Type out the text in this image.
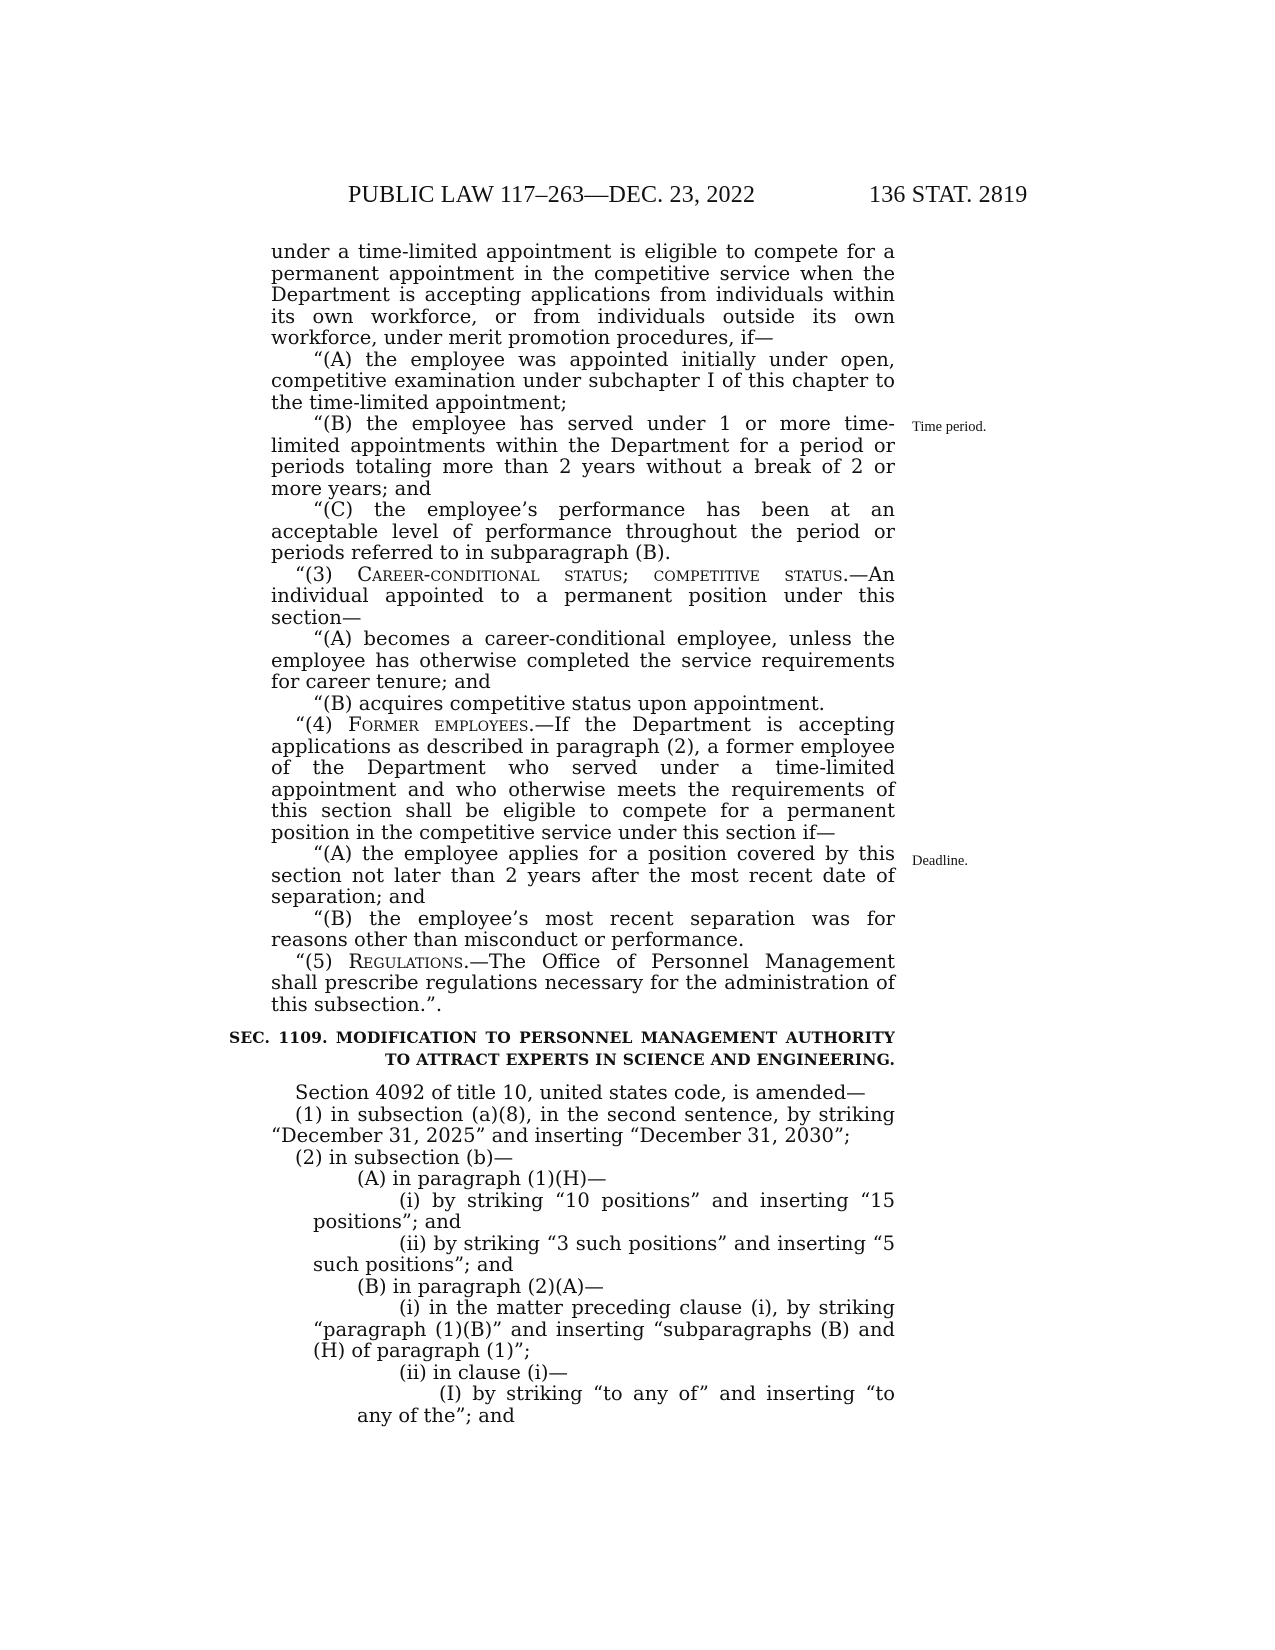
PUBLIC LAW 117–263—DEC. 23, 2022	136 STAT. 2819
Time period.
Deadline.

under a time-limited appointment is eligible to compete for a permanent appointment in the competitive service when the Department is accepting applications from individuals within its own workforce, or from individuals outside its own workforce, under merit promotion procedures, if—

“(A) the employee was appointed initially under open, competitive examination under subchapter I of this chapter to the time-limited appointment;

“(B) the employee has served under 1 or more time-limited appointments within the Department for a period or periods totaling more than 2 years without a break of 2 or more years; and

“(C) the employee’s performance has been at an acceptable level of performance throughout the period or periods referred to in subparagraph (B).

“(3) Career-conditional status; competitive status.—An individual appointed to a permanent position under this section—

“(A) becomes a career-conditional employee, unless the employee has otherwise completed the service requirements for career tenure; and

“(B) acquires competitive status upon appointment.

“(4) Former employees.—If the Department is accepting applications as described in paragraph (2), a former employee of the Department who served under a time-limited appointment and who otherwise meets the requirements of this section shall be eligible to compete for a permanent position in the competitive service under this section if—

“(A) the employee applies for a position covered by this section not later than 2 years after the most recent date of separation; and

“(B) the employee’s most recent separation was for reasons other than misconduct or performance.

“(5) Regulations.—The Office of Personnel Management shall prescribe regulations necessary for the administration of this subsection.”.

SEC. 1109. MODIFICATION TO PERSONNEL MANAGEMENT AUTHORITY TO ATTRACT EXPERTS IN SCIENCE AND ENGINEERING.

Section 4092 of title 10, united states code, is amended—

(1) in subsection (a)(8), in the second sentence, by striking “December 31, 2025” and inserting “December 31, 2030”;

(2) in subsection (b)—

(A) in paragraph (1)(H)—

(i) by striking “10 positions” and inserting “15 positions”; and

(ii) by striking “3 such positions” and inserting “5 such positions”; and

(B) in paragraph (2)(A)—

(i) in the matter preceding clause (i), by striking “paragraph (1)(B)” and inserting “subparagraphs (B) and (H) of paragraph (1)”;

(ii) in clause (i)—

(I) by striking “to any of” and inserting “to any of the”; and
